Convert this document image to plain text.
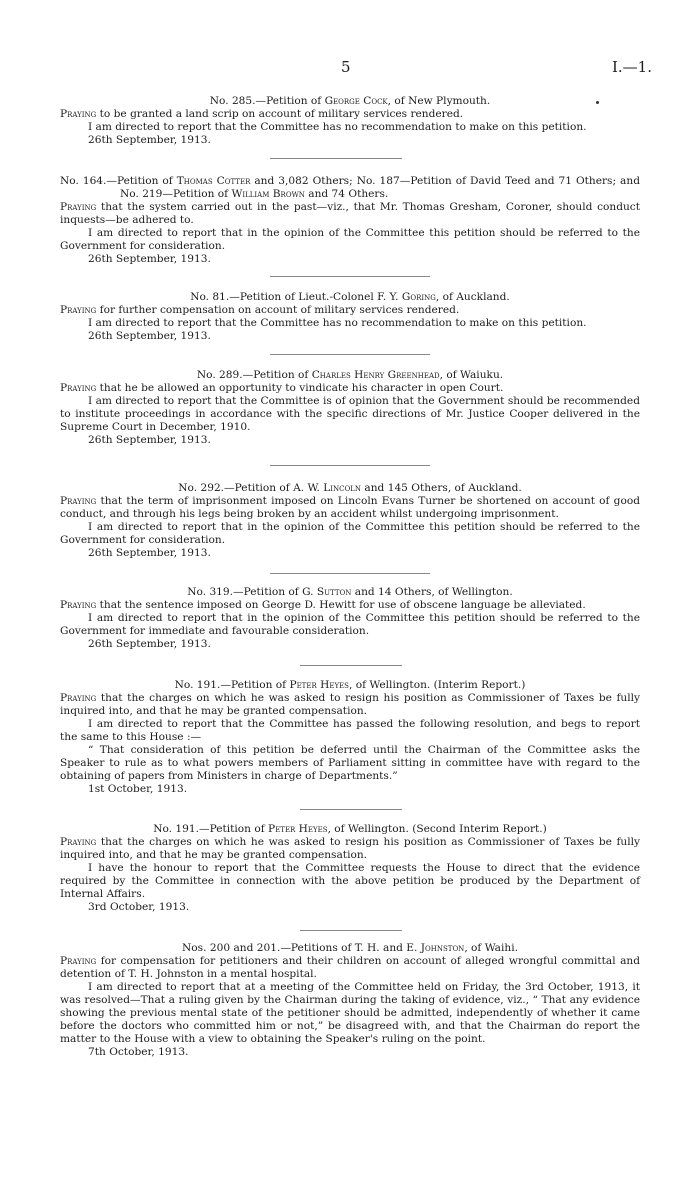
5	I.—1.

No. 285.—Petition of George Cock, of New Plymouth.

Praying to be granted a land scrip on account of military services rendered.

I am directed to report that the Committee has no recommendation to make on this petition.

26th September, 1913.

No. 164.—Petition of Thomas Cotter and 3,082 Others; No. 187—Petition of David Teed and 71 Others; and No. 219—Petition of William Brown and 74 Others.

Praying that the system carried out in the past—viz., that Mr. Thomas Gresham, Coroner, should conduct inquests—be adhered to.

I am directed to report that in the opinion of the Committee this petition should be referred to the Government for consideration.

26th September, 1913.

No. 81.—Petition of Lieut.-Colonel F. Y. Goring, of Auckland.

Praying for further compensation on account of military services rendered.

I am directed to report that the Committee has no recommendation to make on this petition.

26th September, 1913.

No. 289.—Petition of Charles Henry Greenhead, of Waiuku.

Praying that he be allowed an opportunity to vindicate his character in open Court.

I am directed to report that the Committee is of opinion that the Government should be recommended to institute proceedings in accordance with the specific directions of Mr. Justice Cooper delivered in the Supreme Court in December, 1910.

26th September, 1913.

No. 292.—Petition of A. W. Lincoln and 145 Others, of Auckland.

Praying that the term of imprisonment imposed on Lincoln Evans Turner be shortened on account of good conduct, and through his legs being broken by an accident whilst undergoing imprisonment.

I am directed to report that in the opinion of the Committee this petition should be referred to the Government for consideration.

26th September, 1913.

No. 319.—Petition of G. Sutton and 14 Others, of Wellington.

Praying that the sentence imposed on George D. Hewitt for use of obscene language be alleviated.

I am directed to report that in the opinion of the Committee this petition should be referred to the Government for immediate and favourable consideration.

26th September, 1913.

No. 191.—Petition of Peter Heyes, of Wellington. (Interim Report.)

Praying that the charges on which he was asked to resign his position as Commissioner of Taxes be fully inquired into, and that he may be granted compensation.

I am directed to report that the Committee has passed the following resolution, and begs to report the same to this House :—

“ That consideration of this petition be deferred until the Chairman of the Committee asks the Speaker to rule as to what powers members of Parliament sitting in committee have with regard to the obtaining of papers from Ministers in charge of Departments.”

1st October, 1913.

No. 191.—Petition of Peter Heyes, of Wellington. (Second Interim Report.)

Praying that the charges on which he was asked to resign his position as Commissioner of Taxes be fully inquired into, and that he may be granted compensation.

I have the honour to report that the Committee requests the House to direct that the evidence required by the Committee in connection with the above petition be produced by the Department of Internal Affairs.

3rd October, 1913.

Nos. 200 and 201.—Petitions of T. H. and E. Johnston, of Waihi.

Praying for compensation for petitioners and their children on account of alleged wrongful committal and detention of T. H. Johnston in a mental hospital.

I am directed to report that at a meeting of the Committee held on Friday, the 3rd October, 1913, it was resolved—That a ruling given by the Chairman during the taking of evidence, viz., “ That any evidence showing the previous mental state of the petitioner should be admitted, independently of whether it came before the doctors who committed him or not,” be disagreed with, and that the Chairman do report the matter to the House with a view to obtaining the Speaker's ruling on the point.

7th October, 1913.
